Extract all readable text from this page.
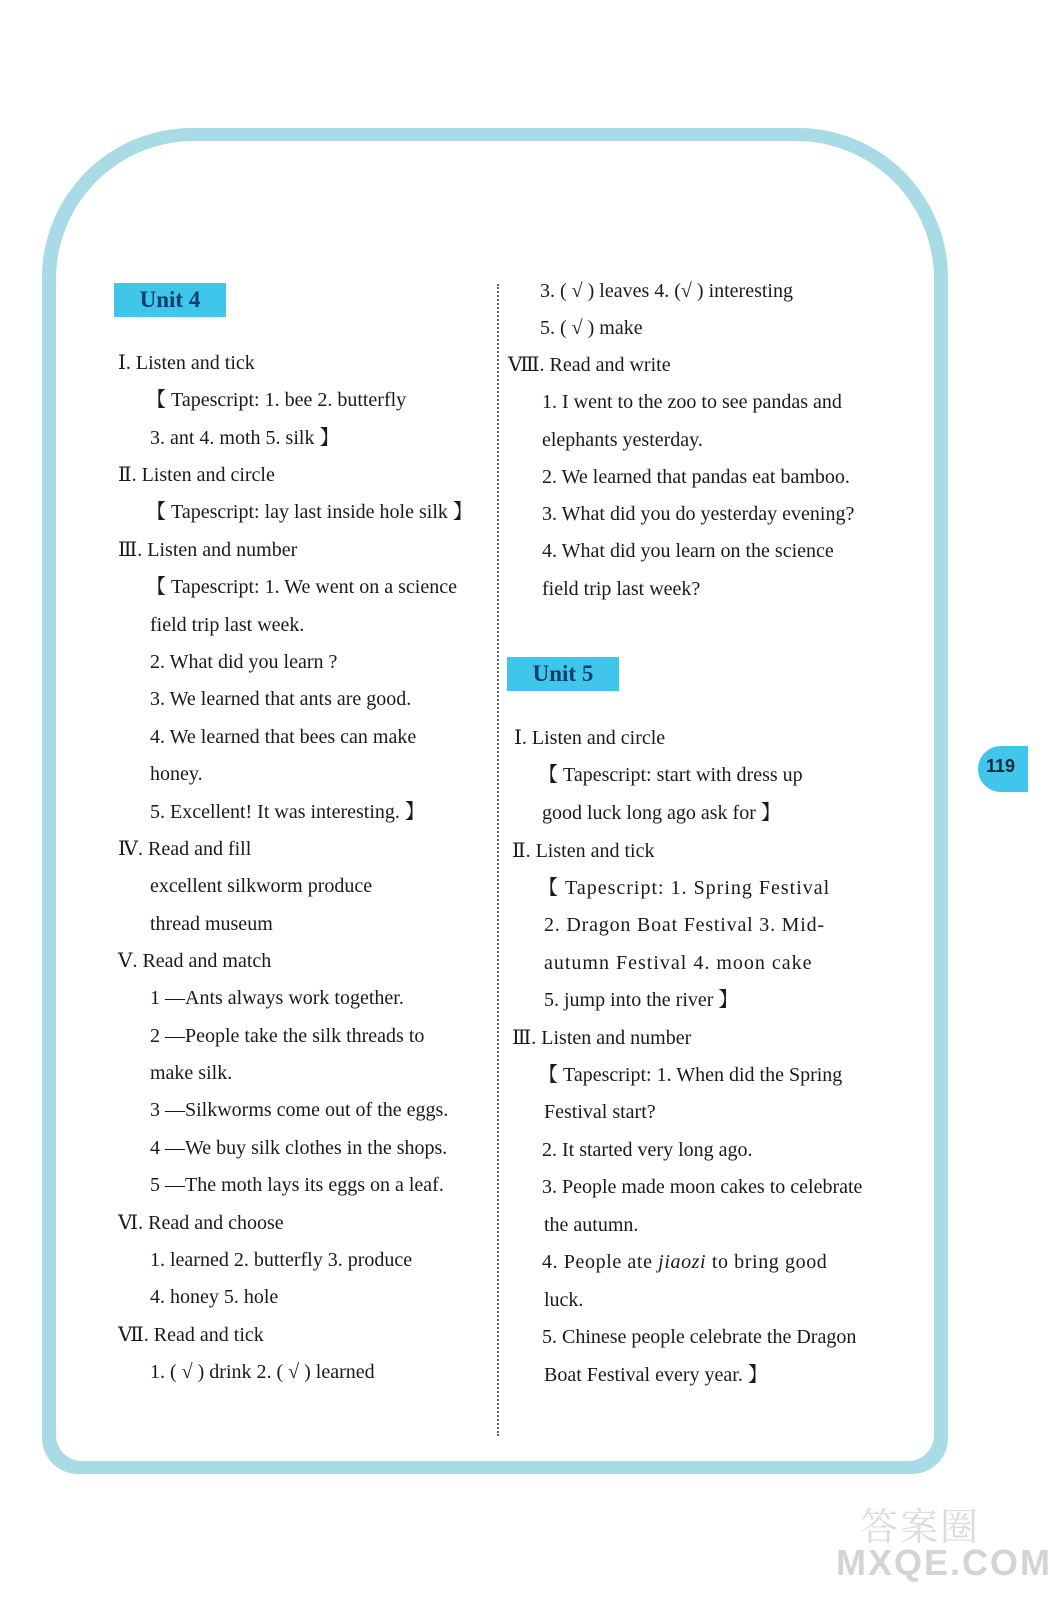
Unit 4
Ⅰ. Listen and tick
【 Tapescript: 1. bee 2. butterfly
3. ant 4. moth 5. silk 】
Ⅱ. Listen and circle
【 Tapescript: lay last inside hole silk 】
Ⅲ. Listen and number
【 Tapescript: 1. We went on a science
field trip last week.
2. What did you learn ?
3. We learned that ants are good.
4. We learned that bees can make
honey.
5. Excellent! It was interesting. 】
Ⅳ. Read and fill
excellent silkworm produce
thread museum
Ⅴ. Read and match
1 —Ants always work together.
2 —People take the silk threads to
make silk.
3 —Silkworms come out of the eggs.
4 —We buy silk clothes in the shops.
5 —The moth lays its eggs on a leaf.
Ⅵ. Read and choose
1. learned 2. butterfly 3. produce
4. honey 5. hole
Ⅶ. Read and tick
1. ( √ ) drink 2. ( √ ) learned
3. ( √ ) leaves 4. (√ ) interesting
5. ( √ ) make
Ⅷ. Read and write
1. I went to the zoo to see pandas and
elephants yesterday.
2. We learned that pandas eat bamboo.
3. What did you do yesterday evening?
4. What did you learn on the science
field trip last week?
Unit 5
Ⅰ. Listen and circle
【 Tapescript: start with dress up
good luck long ago ask for 】
Ⅱ. Listen and tick
【 Tapescript: 1. Spring Festival
2. Dragon Boat Festival 3. Mid-
autumn Festival 4. moon cake
5. jump into the river 】
Ⅲ. Listen and number
【 Tapescript: 1. When did the Spring
Festival start?
2. It started very long ago.
3. People made moon cakes to celebrate
the autumn.
4. People ate jiaozi to bring good
luck.
5. Chinese people celebrate the Dragon
Boat Festival every year. 】
119
答案圈
MXQE.COM
